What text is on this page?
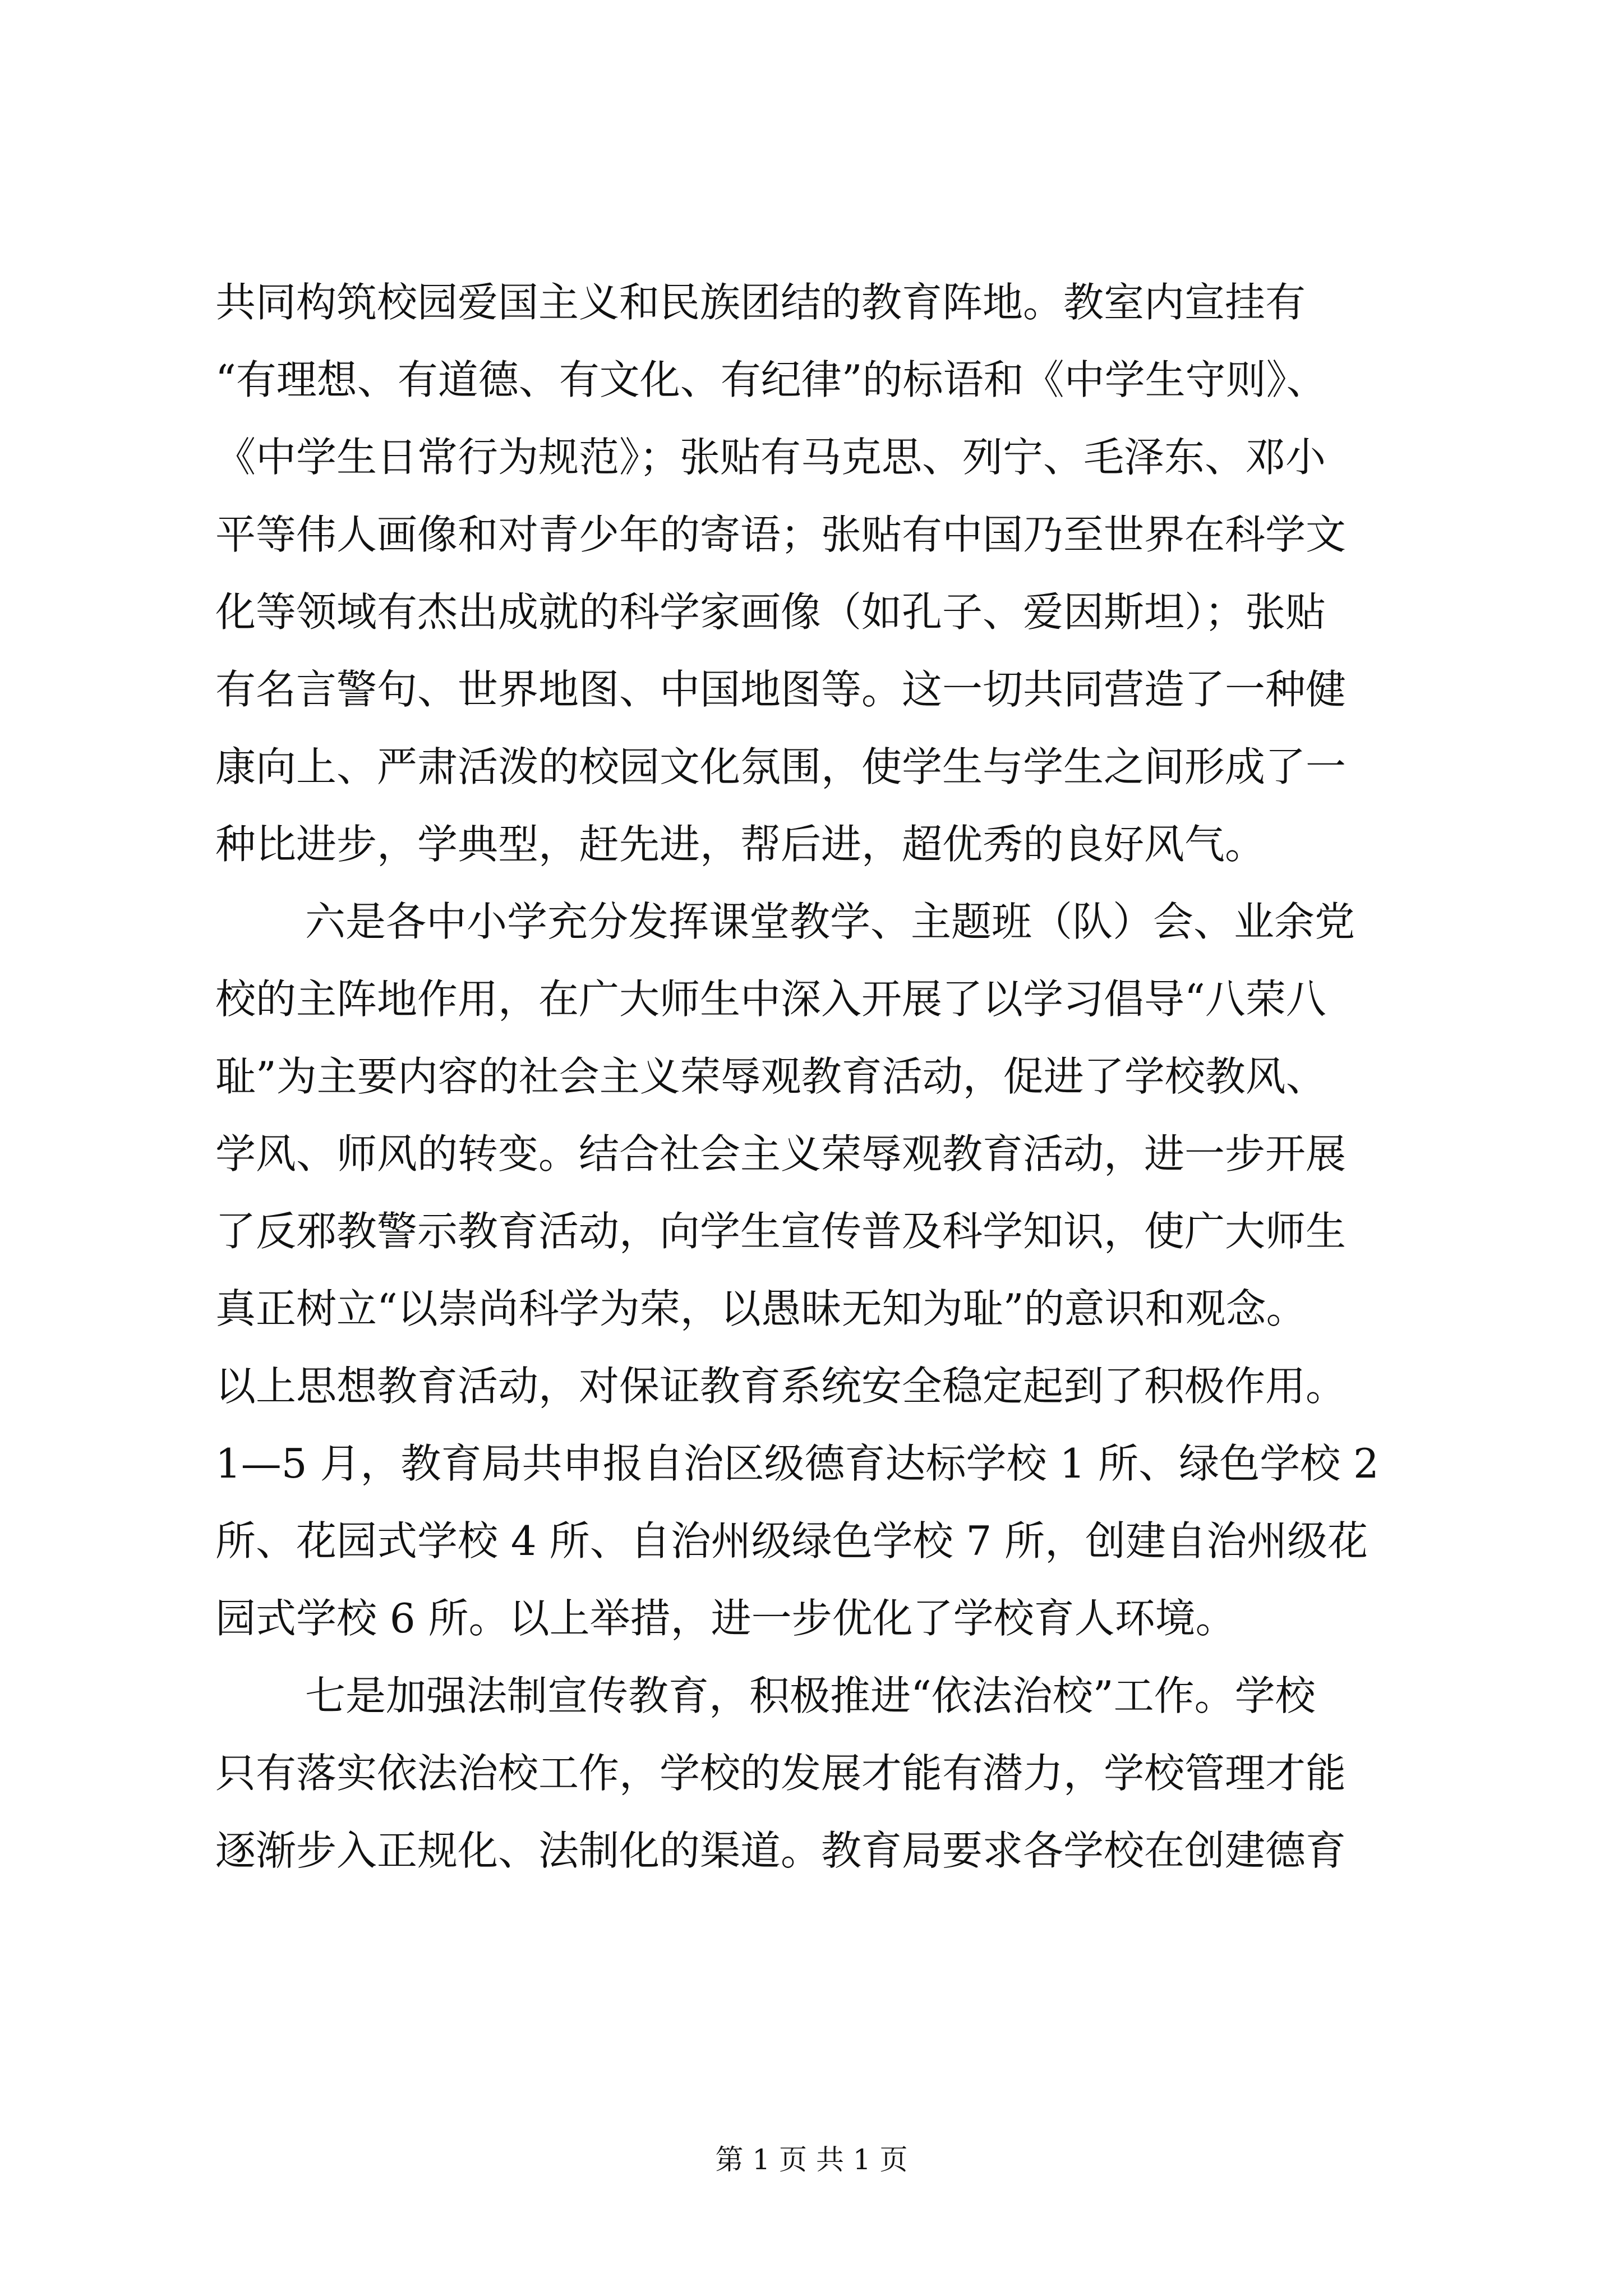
共同构筑校园爱国主义和民族团结的教育阵地。教室内宣挂有
“有理想、有道德、有文化、有纪律”的标语和《中学生守则》、
《中学生日常行为规范》；张贴有马克思、列宁、毛泽东、邓小
平等伟人画像和对青少年的寄语；张贴有中国乃至世界在科学文
化等领域有杰出成就的科学家画像（如孔子、爱因斯坦）；张贴
有名言警句、世界地图、中国地图等。这一切共同营造了一种健
康向上、严肃活泼的校园文化氛围，使学生与学生之间形成了一
种比进步，学典型，赶先进，帮后进，超优秀的良好风气。
六是各中小学充分发挥课堂教学、主题班（队）会、业余党
校的主阵地作用，在广大师生中深入开展了以学习倡导“八荣八
耻”为主要内容的社会主义荣辱观教育活动，促进了学校教风、
学风、师风的转变。结合社会主义荣辱观教育活动，进一步开展
了反邪教警示教育活动，向学生宣传普及科学知识，使广大师生
真正树立“以崇尚科学为荣，以愚昧无知为耻”的意识和观念。
以上思想教育活动，对保证教育系统安全稳定起到了积极作用。
1—5 月，教育局共申报自治区级德育达标学校 1 所、绿色学校 2
所、花园式学校 4 所、自治州级绿色学校 7 所，创建自治州级花
园式学校 6 所。以上举措，进一步优化了学校育人环境。
七是加强法制宣传教育，积极推进“依法治校”工作。学校
只有落实依法治校工作，学校的发展才能有潜力，学校管理才能
逐渐步入正规化、法制化的渠道。教育局要求各学校在创建德育
第 1 页 共 1 页
